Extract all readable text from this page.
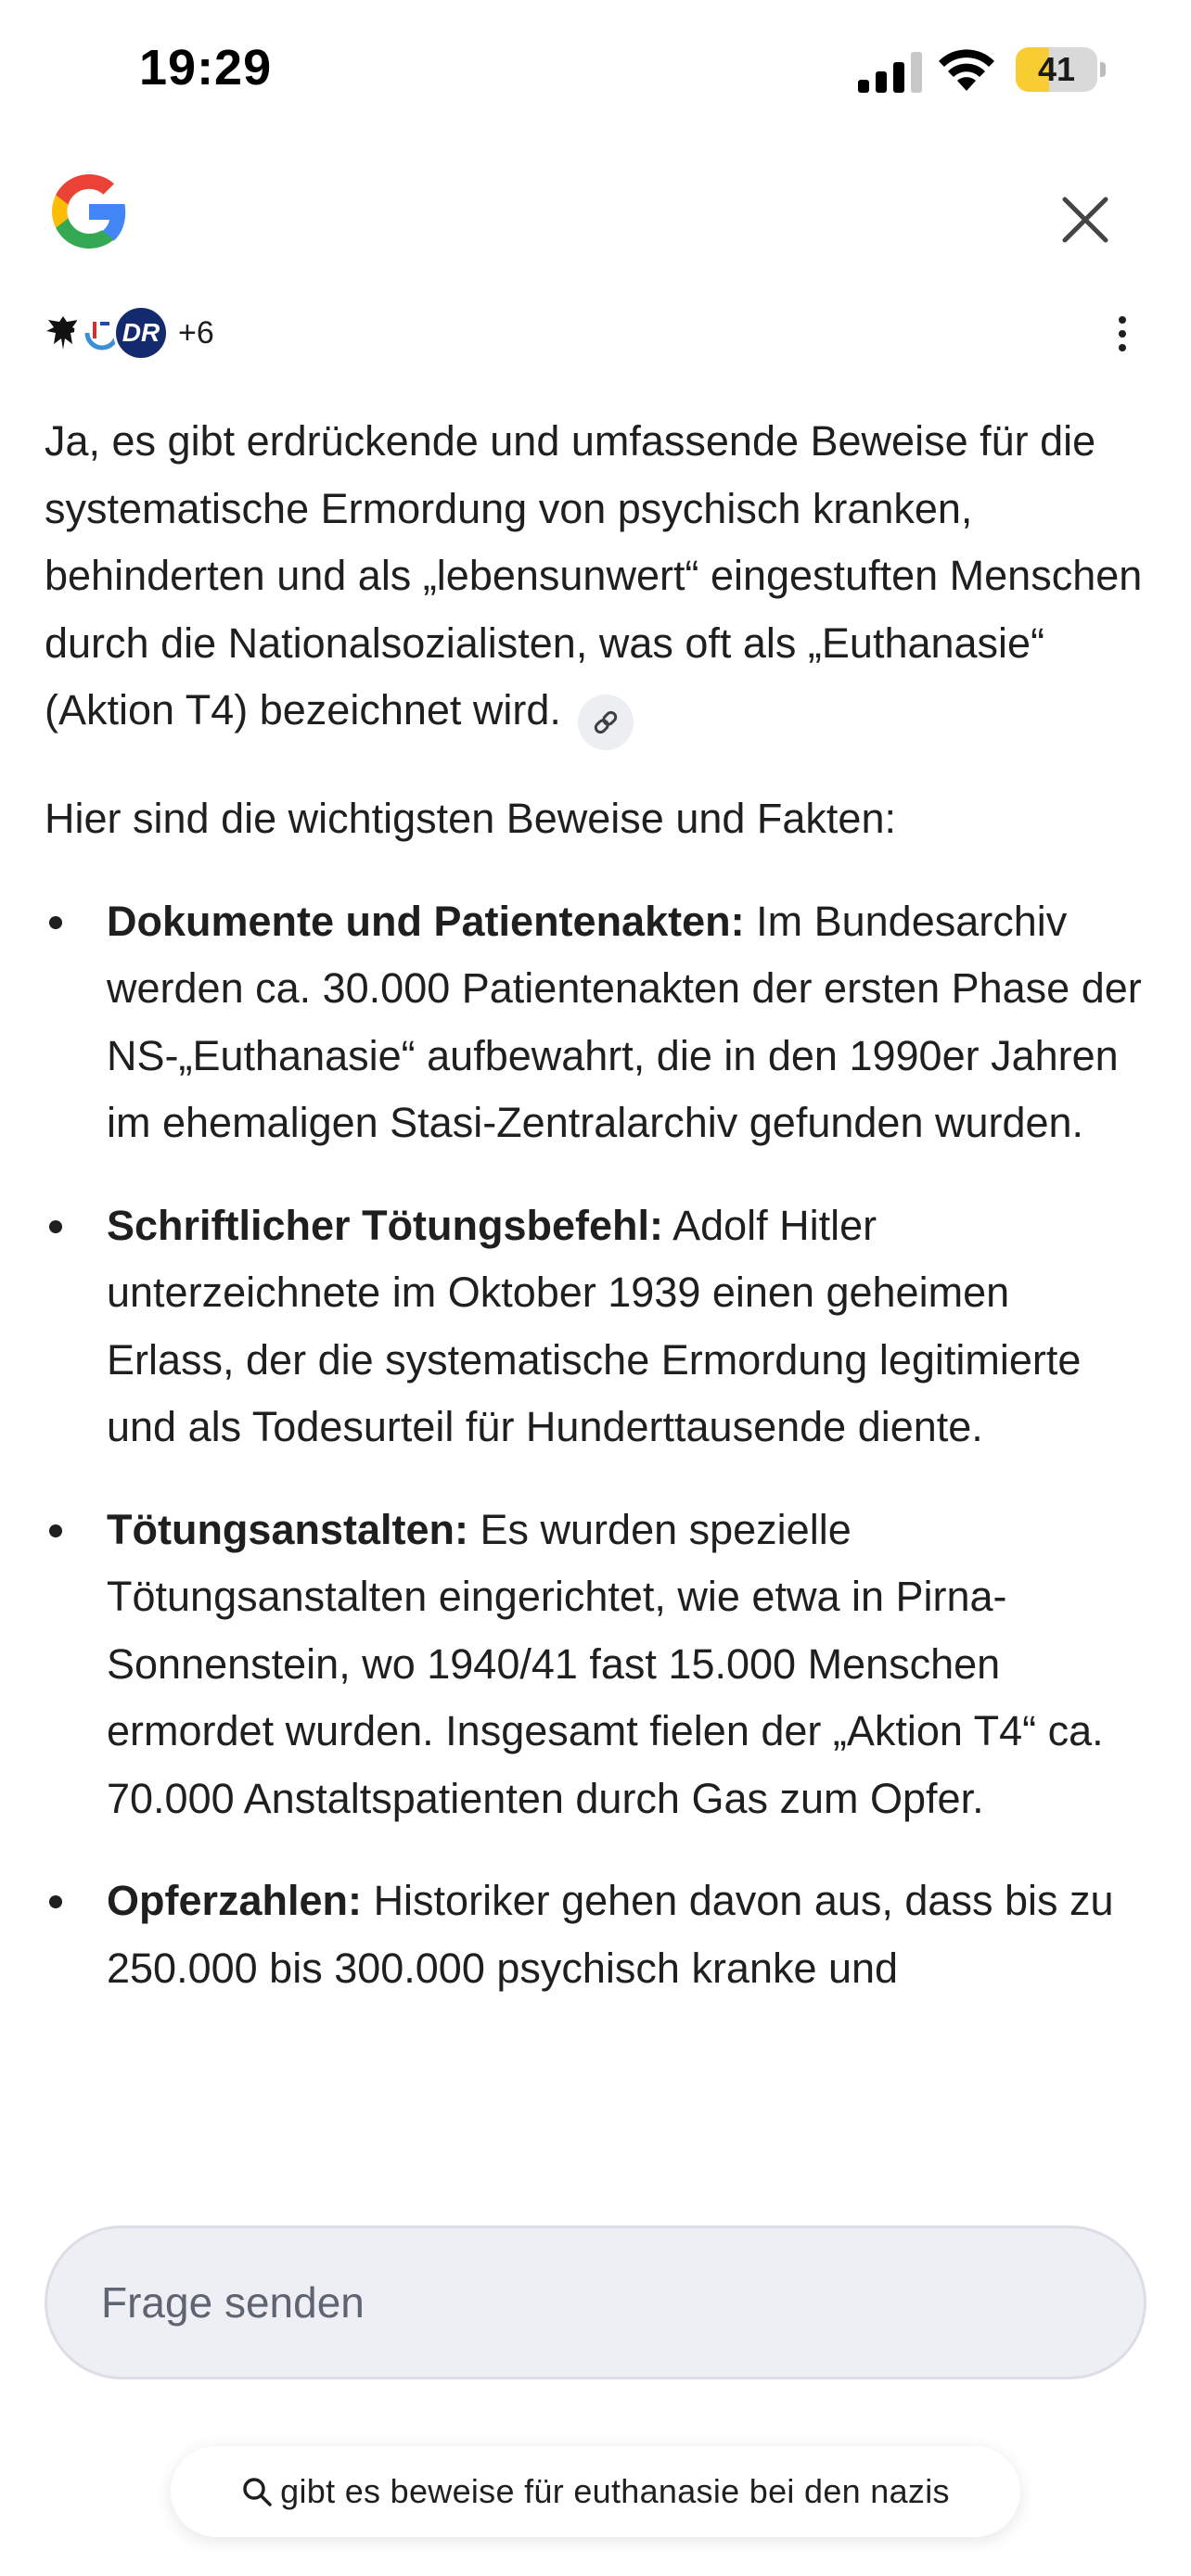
19:29	41
DR +6

Ja, es gibt erdrückende und umfassende Beweise für die systematische Ermordung von psychisch kranken, behinderten und als „lebensunwert“ eingestuften Menschen durch die Nationalsozialisten, was oft als „Euthanasie“ (Aktion T4) bezeichnet wird.

Hier sind die wichtigsten Beweise und Fakten:

Dokumente und Patientenakten: Im Bundesarchiv werden ca. 30.000 Patientenakten der ersten Phase der NS-„Euthanasie“ aufbewahrt, die in den 1990er Jahren im ehemaligen Stasi-Zentralarchiv gefunden wurden.
Schriftlicher Tötungsbefehl: Adolf Hitler unterzeichnete im Oktober 1939 einen geheimen Erlass, der die systematische Ermordung legitimierte und als Todesurteil für Hunderttausende diente.
Tötungsanstalten: Es wurden spezielle Tötungsanstalten eingerichtet, wie etwa in Pirna-Sonnenstein, wo 1940/41 fast 15.000 Menschen ermordet wurden. Insgesamt fielen der „Aktion T4“ ca. 70.000 Anstaltspatienten durch Gas zum Opfer.
Opferzahlen: Historiker gehen davon aus, dass bis zu 250.000 bis 300.000 psychisch kranke und
Frage senden
gibt es beweise für euthanasie bei den nazis
